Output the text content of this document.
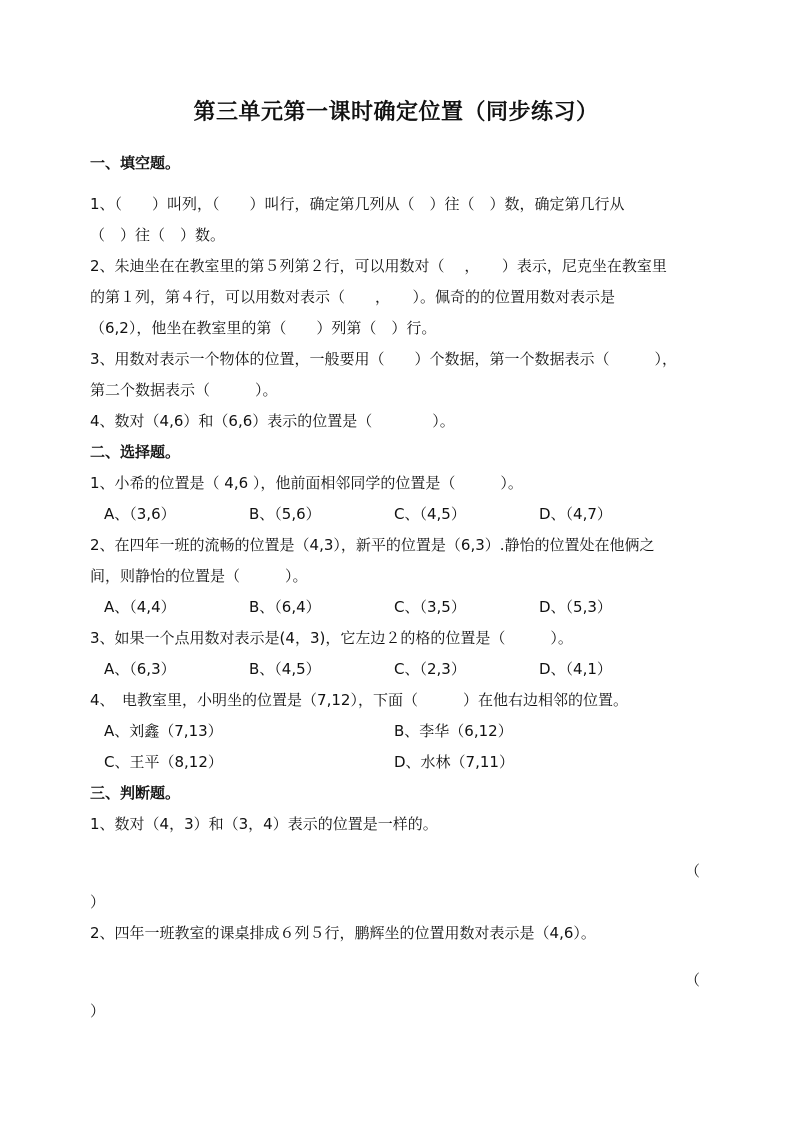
第三单元第一课时确定位置（同步练习）

一、填空题。

1、（　　）叫列，（　　）叫行，确定第几列从（　）往（　）数，确定第几行从

（　）往（　）数。

2、朱迪坐在在教室里的第５列第２行，可以用数对（　 ，　　）表示，尼克坐在教室里

的第１列，第４行，可以用数对表示（　　，　　）。佩奇的的位置用数对表示是

（6,2），他坐在教室里的第（　　）列第（　）行。

3、用数对表示一个物体的位置，一般要用（　　）个数据，第一个数据表示（　　　），

第二个数据表示（　　　）。

4、数对（4,6）和（6,6）表示的位置是（　　　　）。

二、选择题。

1、小希的位置是（ 4,6 ），他前面相邻同学的位置是（　　　）。

A、（3,6）	B、（5,6）	C、（4,5）	D、（4,7）

2、在四年一班的流畅的位置是（4,3），新平的位置是（6,3）.静怡的位置处在他俩之

间，则静怡的位置是（　　　）。

A、（4,4）	B、（6,4）	C、（3,5）	D、（5,3）

3、如果一个点用数对表示是(4，3)，它左边２的格的位置是（　　　）。

A、（6,3）	B、（4,5）	C、（2,3）	D、（4,1）

4、　电教室里，小明坐的位置是（7,12），下面（　　　）在他右边相邻的位置。

A、刘鑫（7,13）	B、李华（6,12）
C、王平（8,12）	D、水林（7,11）

三、判断题。

1、数对（4，3）和（3，4）表示的位置是一样的。

（
）

2、四年一班教室的课桌排成６列５行，鹏辉坐的位置用数对表示是（4,6）。

（
）
